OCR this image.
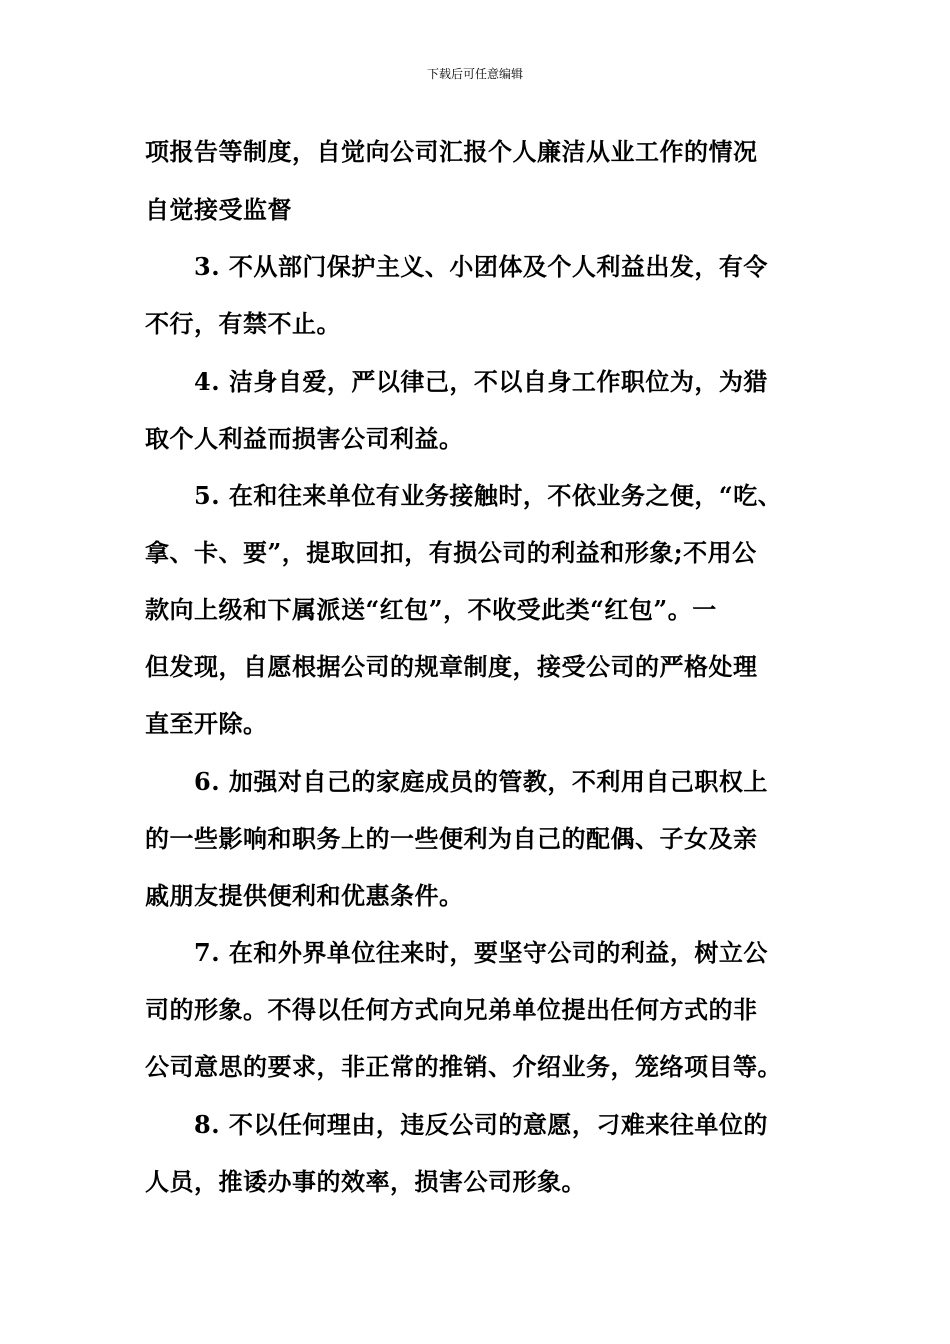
下载后可任意编辑

项报告等制度，自觉向公司汇报个人廉洁从业工作的情况

自觉接受监督

3. 不从部门保护主义、小团体及个人利益出发，有令

不行，有禁不止。

4. 洁身自爱，严以律己，不以自身工作职位为，为猎

取个人利益而损害公司利益。

5. 在和往来单位有业务接触时，不依业务之便，“吃、

拿、卡、要”，提取回扣，有损公司的利益和形象;不用公

款向上级和下属派送“红包”，不收受此类“红包”。一

但发现，自愿根据公司的规章制度，接受公司的严格处理

直至开除。

6. 加强对自己的家庭成员的管教，不利用自己职权上

的一些影响和职务上的一些便利为自己的配偶、子女及亲

戚朋友提供便利和优惠条件。

7. 在和外界单位往来时，要坚守公司的利益，树立公

司的形象。不得以任何方式向兄弟单位提出任何方式的非

公司意思的要求，非正常的推销、介绍业务，笼络项目等。

8. 不以任何理由，违反公司的意愿，刁难来往单位的

人员，推诿办事的效率，损害公司形象。
